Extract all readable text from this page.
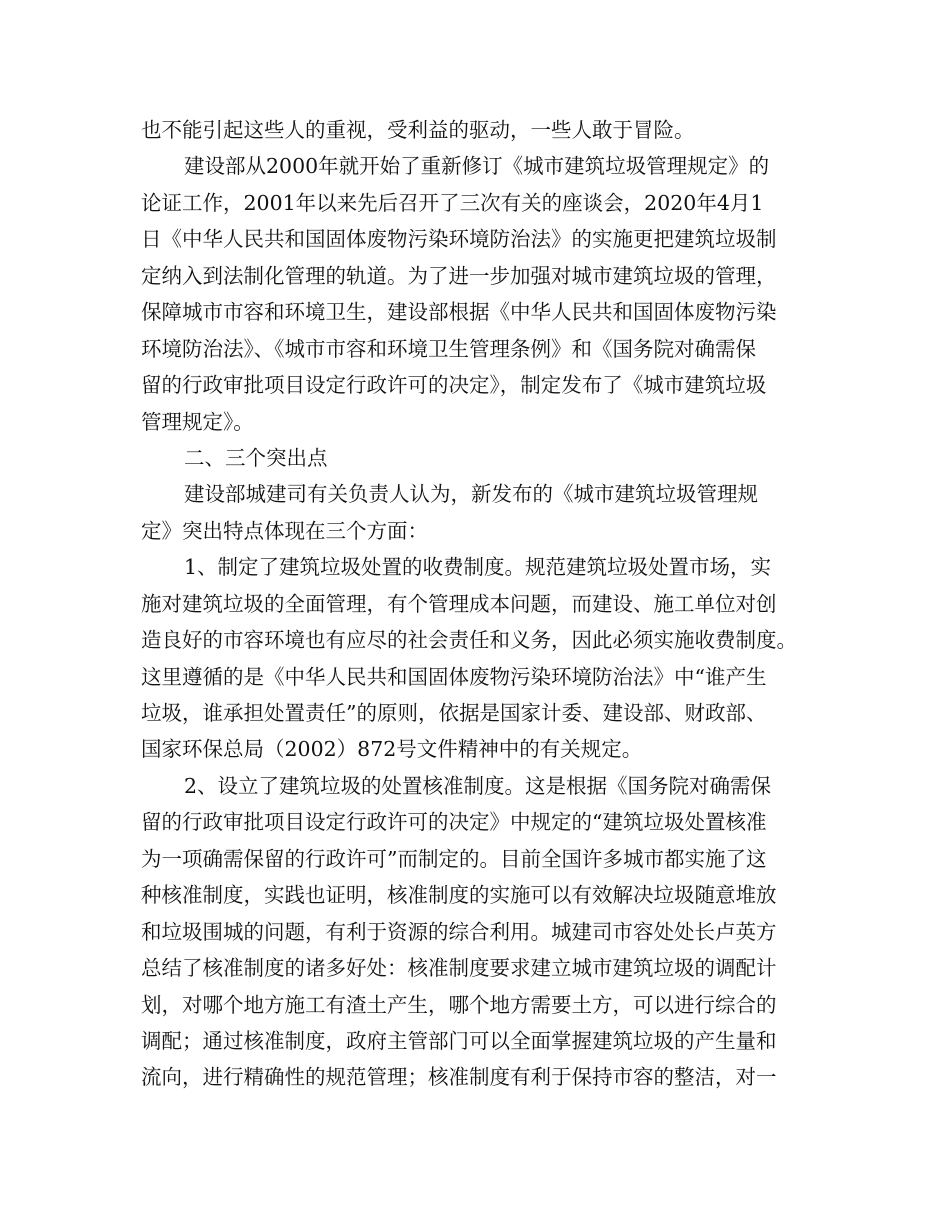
也不能引起这些人的重视，受利益的驱动，一些人敢于冒险。
建设部从2000年就开始了重新修订《城市建筑垃圾管理规定》的
论证工作，2001年以来先后召开了三次有关的座谈会，2020年4月1
日《中华人民共和国固体废物污染环境防治法》的实施更把建筑垃圾制
定纳入到法制化管理的轨道。为了进一步加强对城市建筑垃圾的管理，
保障城市市容和环境卫生，建设部根据《中华人民共和国固体废物污染
环境防治法》、《城市市容和环境卫生管理条例》和《国务院对确需保
留的行政审批项目设定行政许可的决定》，制定发布了《城市建筑垃圾
管理规定》。
二、三个突出点
建设部城建司有关负责人认为，新发布的《城市建筑垃圾管理规
定》突出特点体现在三个方面：
1、制定了建筑垃圾处置的收费制度。规范建筑垃圾处置市场，实
施对建筑垃圾的全面管理，有个管理成本问题，而建设、施工单位对创
造良好的市容环境也有应尽的社会责任和义务，因此必须实施收费制度。
这里遵循的是《中华人民共和国固体废物污染环境防治法》中“谁产生
垃圾，谁承担处置责任”的原则，依据是国家计委、建设部、财政部、
国家环保总局（2002）872号文件精神中的有关规定。
2、设立了建筑垃圾的处置核准制度。这是根据《国务院对确需保
留的行政审批项目设定行政许可的决定》中规定的“建筑垃圾处置核准
为一项确需保留的行政许可”而制定的。目前全国许多城市都实施了这
种核准制度，实践也证明，核准制度的实施可以有效解决垃圾随意堆放
和垃圾围城的问题，有利于资源的综合利用。城建司市容处处长卢英方
总结了核准制度的诸多好处：核准制度要求建立城市建筑垃圾的调配计
划，对哪个地方施工有渣土产生，哪个地方需要土方，可以进行综合的
调配；通过核准制度，政府主管部门可以全面掌握建筑垃圾的产生量和
流向，进行精确性的规范管理；核准制度有利于保持市容的整洁，对一
